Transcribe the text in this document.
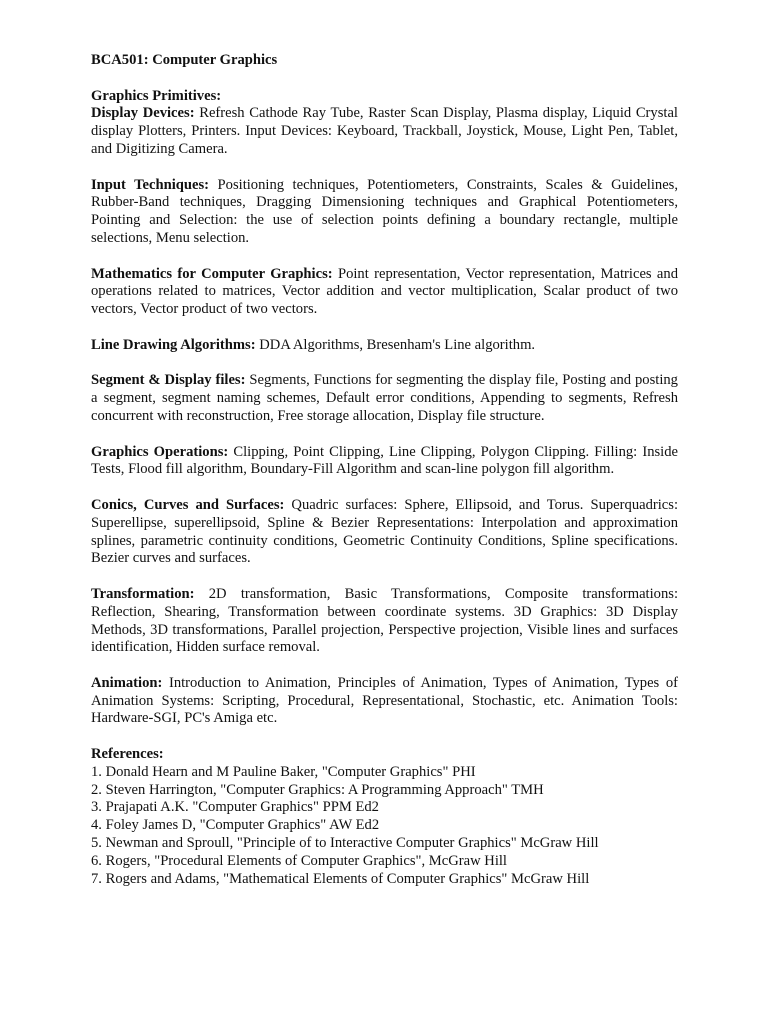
BCA501: Computer Graphics

Graphics Primitives:

Display Devices: Refresh Cathode Ray Tube, Raster Scan Display, Plasma display, Liquid Crystal display Plotters, Printers. Input Devices: Keyboard, Trackball, Joystick, Mouse, Light Pen, Tablet, and Digitizing Camera.

Input Techniques: Positioning techniques, Potentiometers, Constraints, Scales & Guidelines, Rubber-Band techniques, Dragging Dimensioning techniques and Graphical Potentiometers, Pointing and Selection: the use of selection points defining a boundary rectangle, multiple selections, Menu selection.

Mathematics for Computer Graphics: Point representation, Vector representation, Matrices and operations related to matrices, Vector addition and vector multiplication, Scalar product of two vectors, Vector product of two vectors.

Line Drawing Algorithms: DDA Algorithms, Bresenham's Line algorithm.

Segment & Display files: Segments, Functions for segmenting the display file, Posting and posting a segment, segment naming schemes, Default error conditions, Appending to segments, Refresh concurrent with reconstruction, Free storage allocation, Display file structure.

Graphics Operations: Clipping, Point Clipping, Line Clipping, Polygon Clipping. Filling: Inside Tests, Flood fill algorithm, Boundary-Fill Algorithm and scan-line polygon fill algorithm.

Conics, Curves and Surfaces: Quadric surfaces: Sphere, Ellipsoid, and Torus. Superquadrics: Superellipse, superellipsoid, Spline & Bezier Representations: Interpolation and approximation splines, parametric continuity conditions, Geometric Continuity Conditions, Spline specifications. Bezier curves and surfaces.

Transformation: 2D transformation, Basic Transformations, Composite transformations: Reflection, Shearing, Transformation between coordinate systems. 3D Graphics: 3D Display Methods, 3D transformations, Parallel projection, Perspective projection, Visible lines and surfaces identification, Hidden surface removal.

Animation: Introduction to Animation, Principles of Animation, Types of Animation, Types of Animation Systems: Scripting, Procedural, Representational, Stochastic, etc. Animation Tools: Hardware-SGI, PC's Amiga etc.

References:
1. Donald Hearn and M Pauline Baker, "Computer Graphics" PHI
2. Steven Harrington, "Computer Graphics: A Programming Approach" TMH
3. Prajapati A.K. "Computer Graphics" PPM Ed2
4. Foley James D, "Computer Graphics" AW Ed2
5. Newman and Sproull, "Principle of to Interactive Computer Graphics" McGraw Hill
6. Rogers, "Procedural Elements of Computer Graphics", McGraw Hill
7. Rogers and Adams, "Mathematical Elements of Computer Graphics" McGraw Hill
